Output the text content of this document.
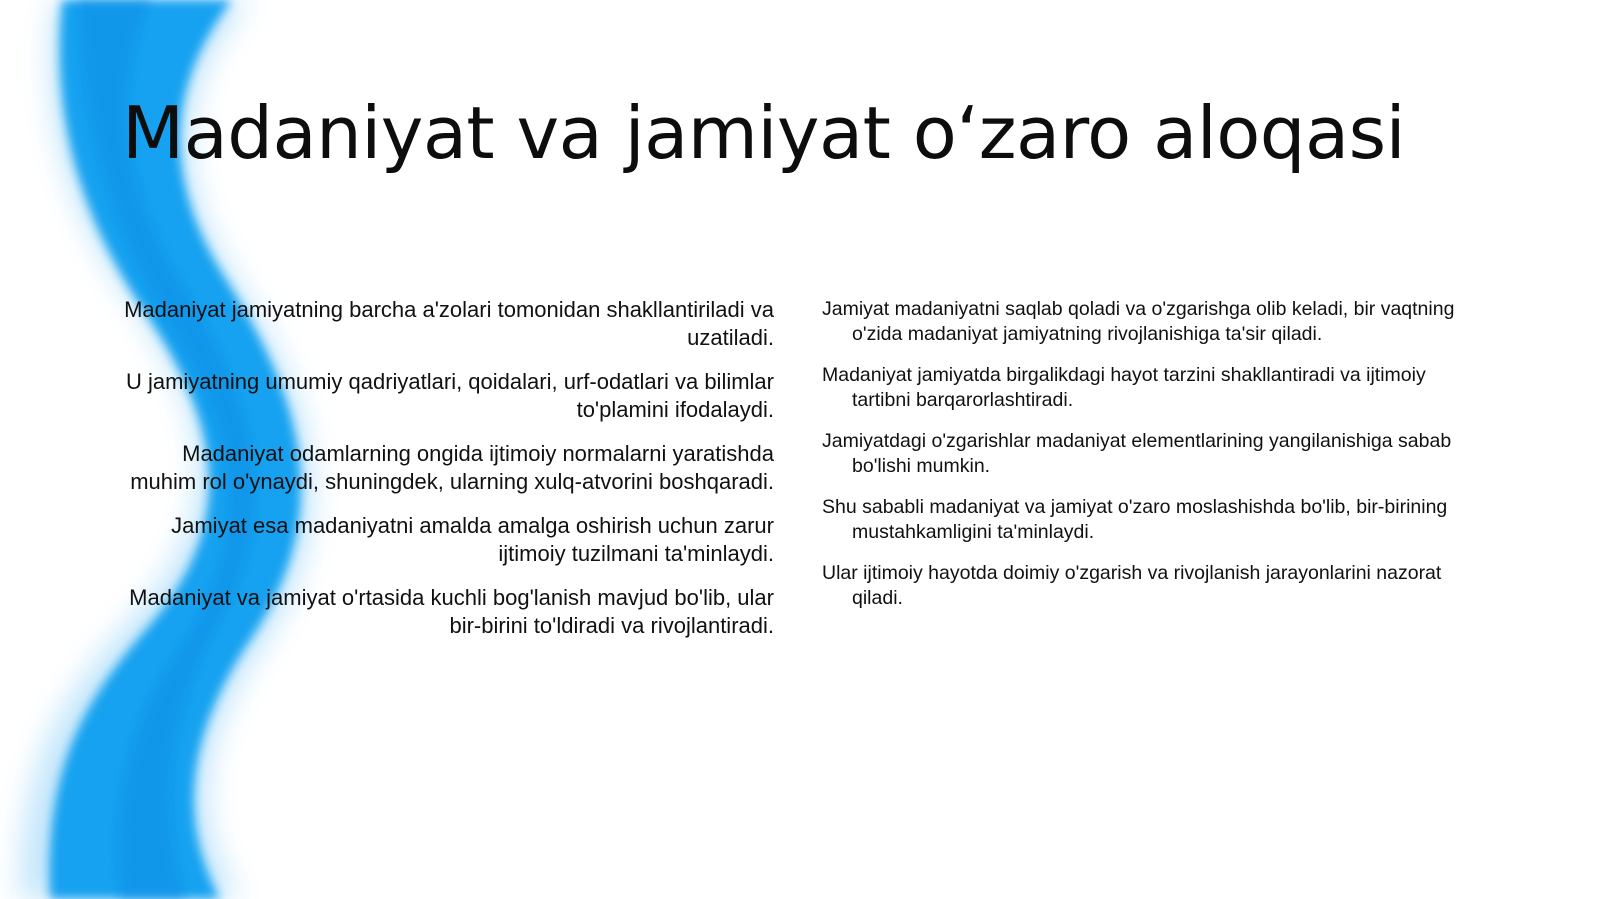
Madaniyat va jamiyat o‘zaro aloqasi

Madaniyat jamiyatning barcha a'zolari tomonidan shakllantiriladi va uzatiladi.

U jamiyatning umumiy qadriyatlari, qoidalari, urf-odatlari va bilimlar to'plamini ifodalaydi.

Madaniyat odamlarning ongida ijtimoiy normalarni yaratishda muhim rol o'ynaydi, shuningdek, ularning xulq-atvorini boshqaradi.

Jamiyat esa madaniyatni amalda amalga oshirish uchun zarur ijtimoiy tuzilmani ta'minlaydi.

Madaniyat va jamiyat o'rtasida kuchli bog'lanish mavjud bo'lib, ular bir-birini to'ldiradi va rivojlantiradi.

Jamiyat madaniyatni saqlab qoladi va o'zgarishga olib keladi, bir vaqtning o'zida madaniyat jamiyatning rivojlanishiga ta'sir qiladi.

Madaniyat jamiyatda birgalikdagi hayot tarzini shakllantiradi va ijtimoiy tartibni barqarorlashtiradi.

Jamiyatdagi o'zgarishlar madaniyat elementlarining yangilanishiga sabab bo'lishi mumkin.

Shu sababli madaniyat va jamiyat o'zaro moslashishda bo'lib, bir-birining mustahkamligini ta'minlaydi.

Ular ijtimoiy hayotda doimiy o'zgarish va rivojlanish jarayonlarini nazorat qiladi.
